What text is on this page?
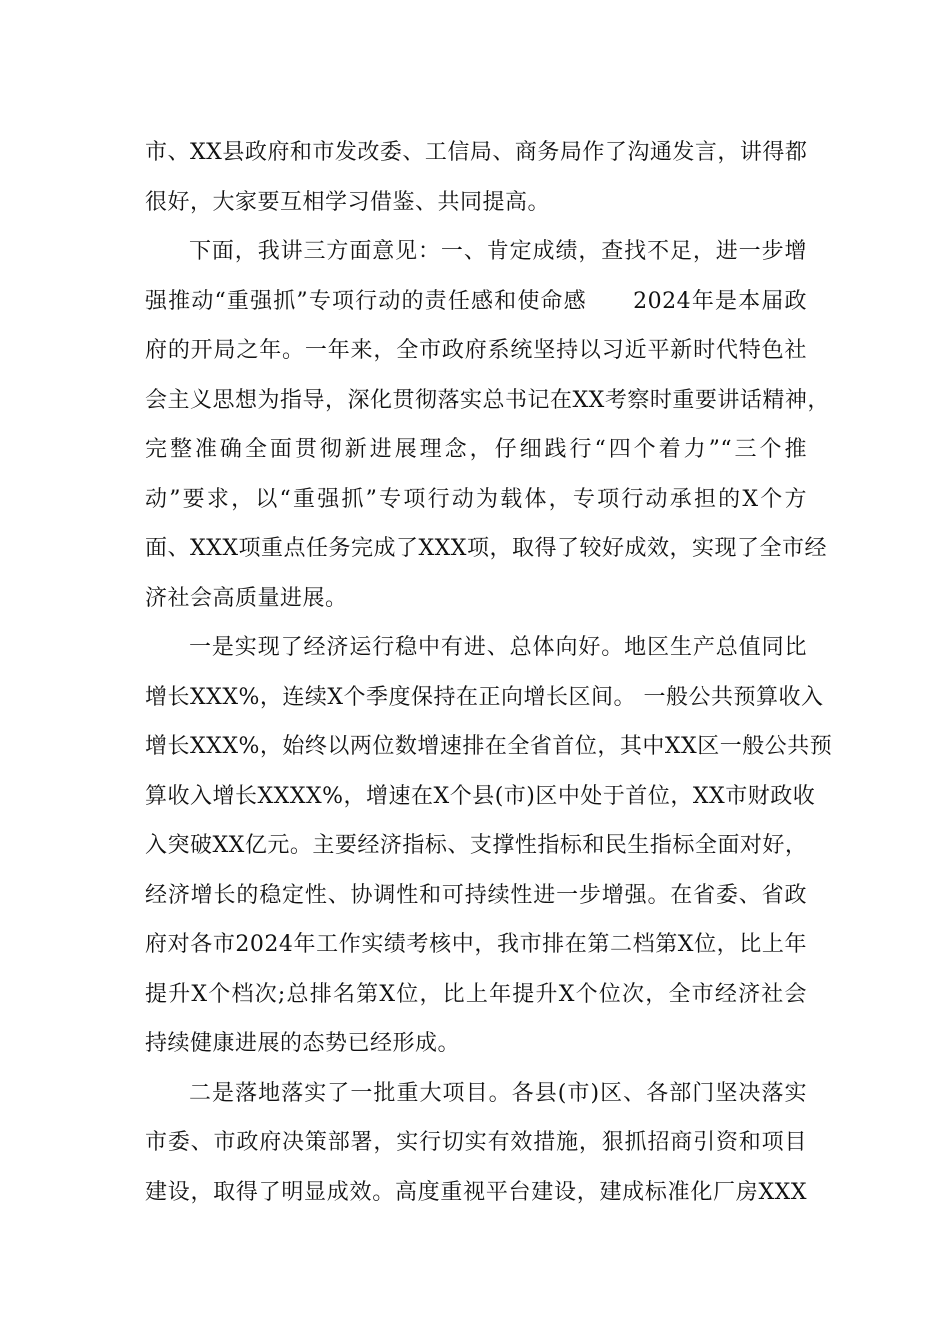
市、XX县政府和市发改委、工信局、商务局作了沟通发言，讲得都
很好，大家要互相学习借鉴、共同提高。
下面，我讲三方面意见：一、肯定成绩，查找不足，进一步增
强推动“重强抓”专项行动的责任感和使命感　　2024年是本届政
府的开局之年。一年来，全市政府系统坚持以习近平新时代特色社
会主义思想为指导，深化贯彻落实总书记在XX考察时重要讲话精神，
完整准确全面贯彻新进展理念，仔细践行“四个着力”“三个推
动”要求，以“重强抓”专项行动为载体，专项行动承担的X个方
面、XXX项重点任务完成了XXX项，取得了较好成效，实现了全市经
济社会高质量进展。
一是实现了经济运行稳中有进、总体向好。地区生产总值同比
增长XXX%，连续X个季度保持在正向增长区间。 一般公共预算收入
增长XXX%，始终以两位数增速排在全省首位，其中XX区一般公共预
算收入增长XXXX%，增速在X个县(市)区中处于首位，XX市财政收
入突破XX亿元。主要经济指标、支撑性指标和民生指标全面对好，
经济增长的稳定性、协调性和可持续性进一步增强。在省委、省政
府对各市2024年工作实绩考核中，我市排在第二档第X位，比上年
提升X个档次;总排名第X位，比上年提升X个位次，全市经济社会
持续健康进展的态势已经形成。
二是落地落实了一批重大项目。各县(市)区、各部门坚决落实
市委、市政府决策部署，实行切实有效措施，狠抓招商引资和项目
建设，取得了明显成效。高度重视平台建设，建成标准化厂房XXX
